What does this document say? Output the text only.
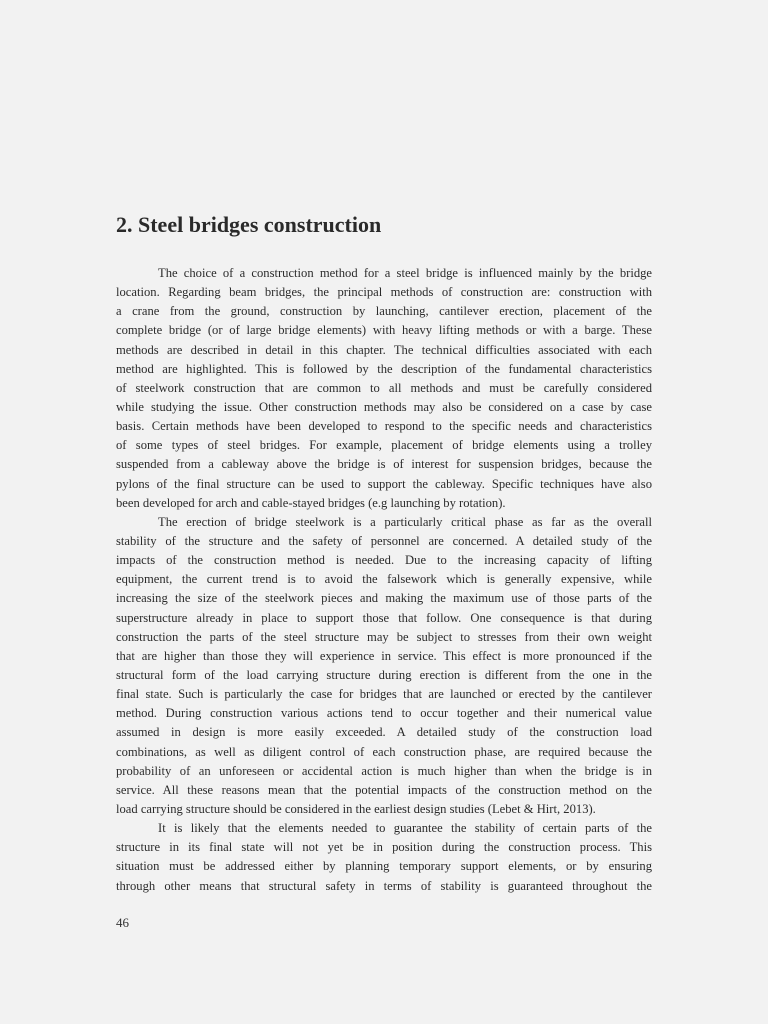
2. Steel bridges construction
The choice of a construction method for a steel bridge is influenced mainly by the bridge
location. Regarding beam bridges, the principal methods of construction are: construction with
a crane from the ground, construction by launching, cantilever erection, placement of the
complete bridge (or of large bridge elements) with heavy lifting methods or with a barge. These
methods are described in detail in this chapter. The technical difficulties associated with each
method are highlighted. This is followed by the description of the fundamental characteristics
of steelwork construction that are common to all methods and must be carefully considered
while studying the issue. Other construction methods may also be considered on a case by case
basis. Certain methods have been developed to respond to the specific needs and characteristics
of some types of steel bridges. For example, placement of bridge elements using a trolley
suspended from a cableway above the bridge is of interest for suspension bridges, because the
pylons of the final structure can be used to support the cableway. Specific techniques have also
been developed for arch and cable-stayed bridges (e.g launching by rotation).
The erection of bridge steelwork is a particularly critical phase as far as the overall
stability of the structure and the safety of personnel are concerned. A detailed study of the
impacts of the construction method is needed. Due to the increasing capacity of lifting
equipment, the current trend is to avoid the falsework which is generally expensive, while
increasing the size of the steelwork pieces and making the maximum use of those parts of the
superstructure already in place to support those that follow. One consequence is that during
construction the parts of the steel structure may be subject to stresses from their own weight
that are higher than those they will experience in service. This effect is more pronounced if the
structural form of the load carrying structure during erection is different from the one in the
final state. Such is particularly the case for bridges that are launched or erected by the cantilever
method. During construction various actions tend to occur together and their numerical value
assumed in design is more easily exceeded. A detailed study of the construction load
combinations, as well as diligent control of each construction phase, are required because the
probability of an unforeseen or accidental action is much higher than when the bridge is in
service. All these reasons mean that the potential impacts of the construction method on the
load carrying structure should be considered in the earliest design studies (Lebet & Hirt, 2013).
It is likely that the elements needed to guarantee the stability of certain parts of the
structure in its final state will not yet be in position during the construction process. This
situation must be addressed either by planning temporary support elements, or by ensuring
through other means that structural safety in terms of stability is guaranteed throughout the
46
